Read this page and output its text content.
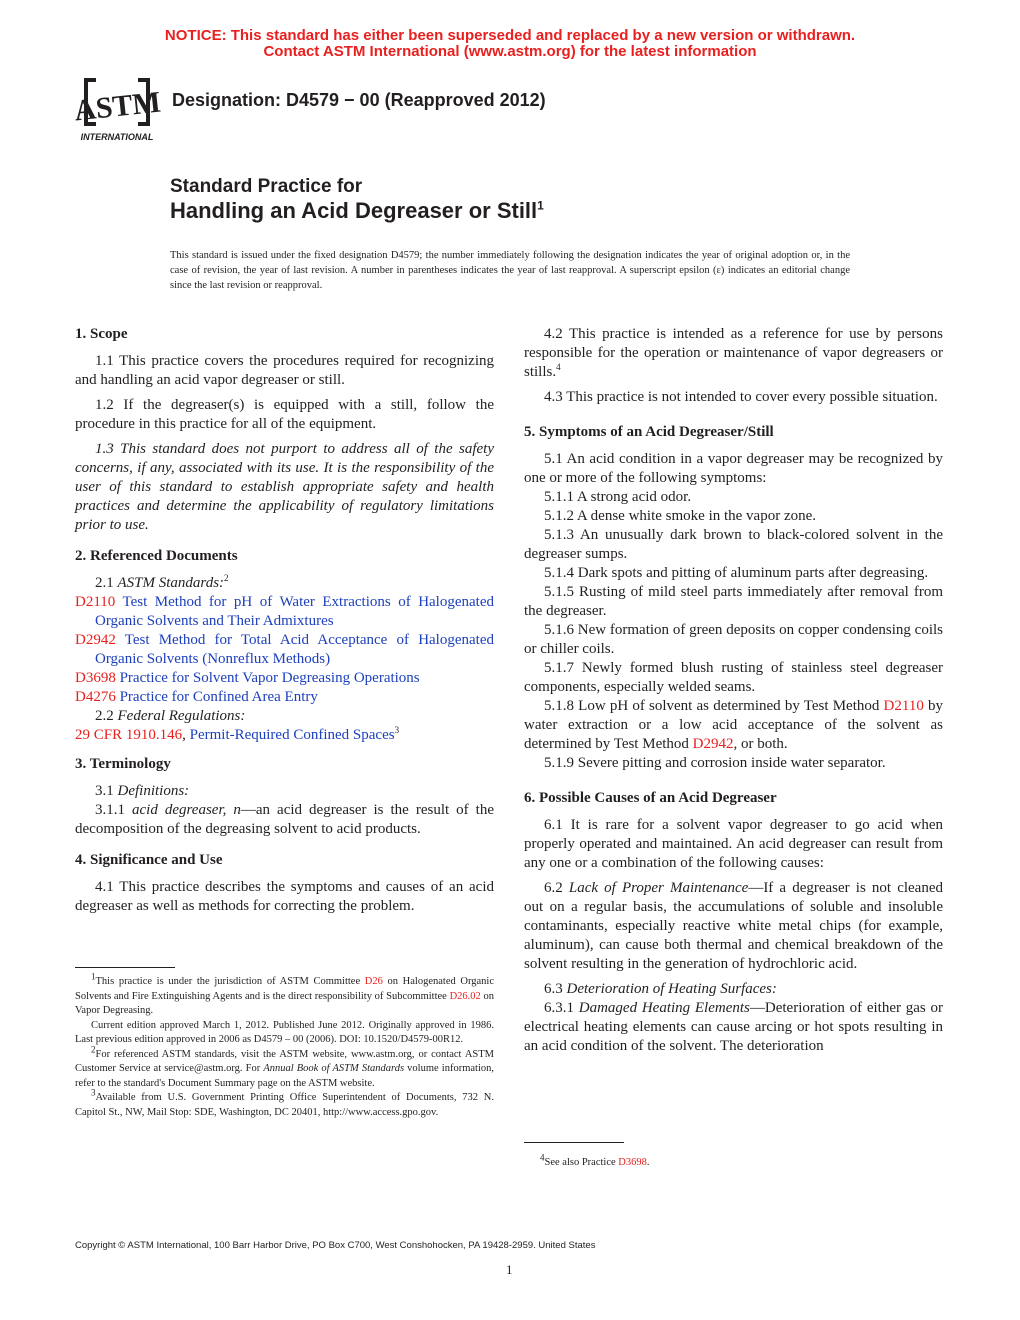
NOTICE: This standard has either been superseded and replaced by a new version or withdrawn.
Contact ASTM International (www.astm.org) for the latest information
ASTM
INTERNATIONAL
Designation: D4579 − 00 (Reapproved 2012)
Standard Practice for
Handling an Acid Degreaser or Still$^1$
This standard is issued under the fixed designation D4579; the number immediately following the designation indicates the year of original adoption or, in the case of revision, the year of last revision. A number in parentheses indicates the year of last reapproval. A superscript epsilon (ε) indicates an editorial change since the last revision or reapproval.
1. Scope

1.1 This practice covers the procedures required for recognizing and handling an acid vapor degreaser or still.

1.2 If the degreaser(s) is equipped with a still, follow the procedure in this practice for all of the equipment.

1.3 This standard does not purport to address all of the safety concerns, if any, associated with its use. It is the responsibility of the user of this standard to establish appropriate safety and health practices and determine the applicability of regulatory limitations prior to use.

2. Referenced Documents

2.1 ASTM Standards:$^2$

D2110 Test Method for pH of Water Extractions of Halogenated Organic Solvents and Their Admixtures

D2942 Test Method for Total Acid Acceptance of Halogenated Organic Solvents (Nonreflux Methods)

D3698 Practice for Solvent Vapor Degreasing Operations

D4276 Practice for Confined Area Entry

2.2 Federal Regulations:

29 CFR 1910.146, Permit-Required Confined Spaces$^3$

3. Terminology

3.1 Definitions:

3.1.1 acid degreaser, n—an acid degreaser is the result of the decomposition of the degreasing solvent to acid products.

4. Significance and Use

4.1 This practice describes the symptoms and causes of an acid degreaser as well as methods for correcting the problem.

$^1$This practice is under the jurisdiction of ASTM Committee D26 on Halogenated Organic Solvents and Fire Extinguishing Agents and is the direct responsibility of Subcommittee D26.02 on Vapor Degreasing.

Current edition approved March 1, 2012. Published June 2012. Originally approved in 1986. Last previous edition approved in 2006 as D4579 – 00 (2006). DOI: 10.1520/D4579-00R12.

$^2$For referenced ASTM standards, visit the ASTM website, www.astm.org, or contact ASTM Customer Service at service@astm.org. For Annual Book of ASTM Standards volume information, refer to the standard's Document Summary page on the ASTM website.

$^3$Available from U.S. Government Printing Office Superintendent of Documents, 732 N. Capitol St., NW, Mail Stop: SDE, Washington, DC 20401, http://www.access.gpo.gov.

4.2 This practice is intended as a reference for use by persons responsible for the operation or maintenance of vapor degreasers or stills.$^4$

4.3 This practice is not intended to cover every possible situation.

5. Symptoms of an Acid Degreaser/Still

5.1 An acid condition in a vapor degreaser may be recognized by one or more of the following symptoms:

5.1.1 A strong acid odor.

5.1.2 A dense white smoke in the vapor zone.

5.1.3 An unusually dark brown to black-colored solvent in the degreaser sumps.

5.1.4 Dark spots and pitting of aluminum parts after degreasing.

5.1.5 Rusting of mild steel parts immediately after removal from the degreaser.

5.1.6 New formation of green deposits on copper condensing coils or chiller coils.

5.1.7 Newly formed blush rusting of stainless steel degreaser components, especially welded seams.

5.1.8 Low pH of solvent as determined by Test Method D2110 by water extraction or a low acid acceptance of the solvent as determined by Test Method D2942, or both.

5.1.9 Severe pitting and corrosion inside water separator.

6. Possible Causes of an Acid Degreaser

6.1 It is rare for a solvent vapor degreaser to go acid when properly operated and maintained. An acid degreaser can result from any one or a combination of the following causes:

6.2 Lack of Proper Maintenance—If a degreaser is not cleaned out on a regular basis, the accumulations of soluble and insoluble contaminants, especially reactive white metal chips (for example, aluminum), can cause both thermal and chemical breakdown of the solvent resulting in the generation of hydrochloric acid.

6.3 Deterioration of Heating Surfaces:

6.3.1 Damaged Heating Elements—Deterioration of either gas or electrical heating elements can cause arcing or hot spots resulting in an acid condition of the solvent. The deterioration

$^4$See also Practice D3698.

Copyright © ASTM International, 100 Barr Harbor Drive, PO Box C700, West Conshohocken, PA 19428-2959. United States
1
